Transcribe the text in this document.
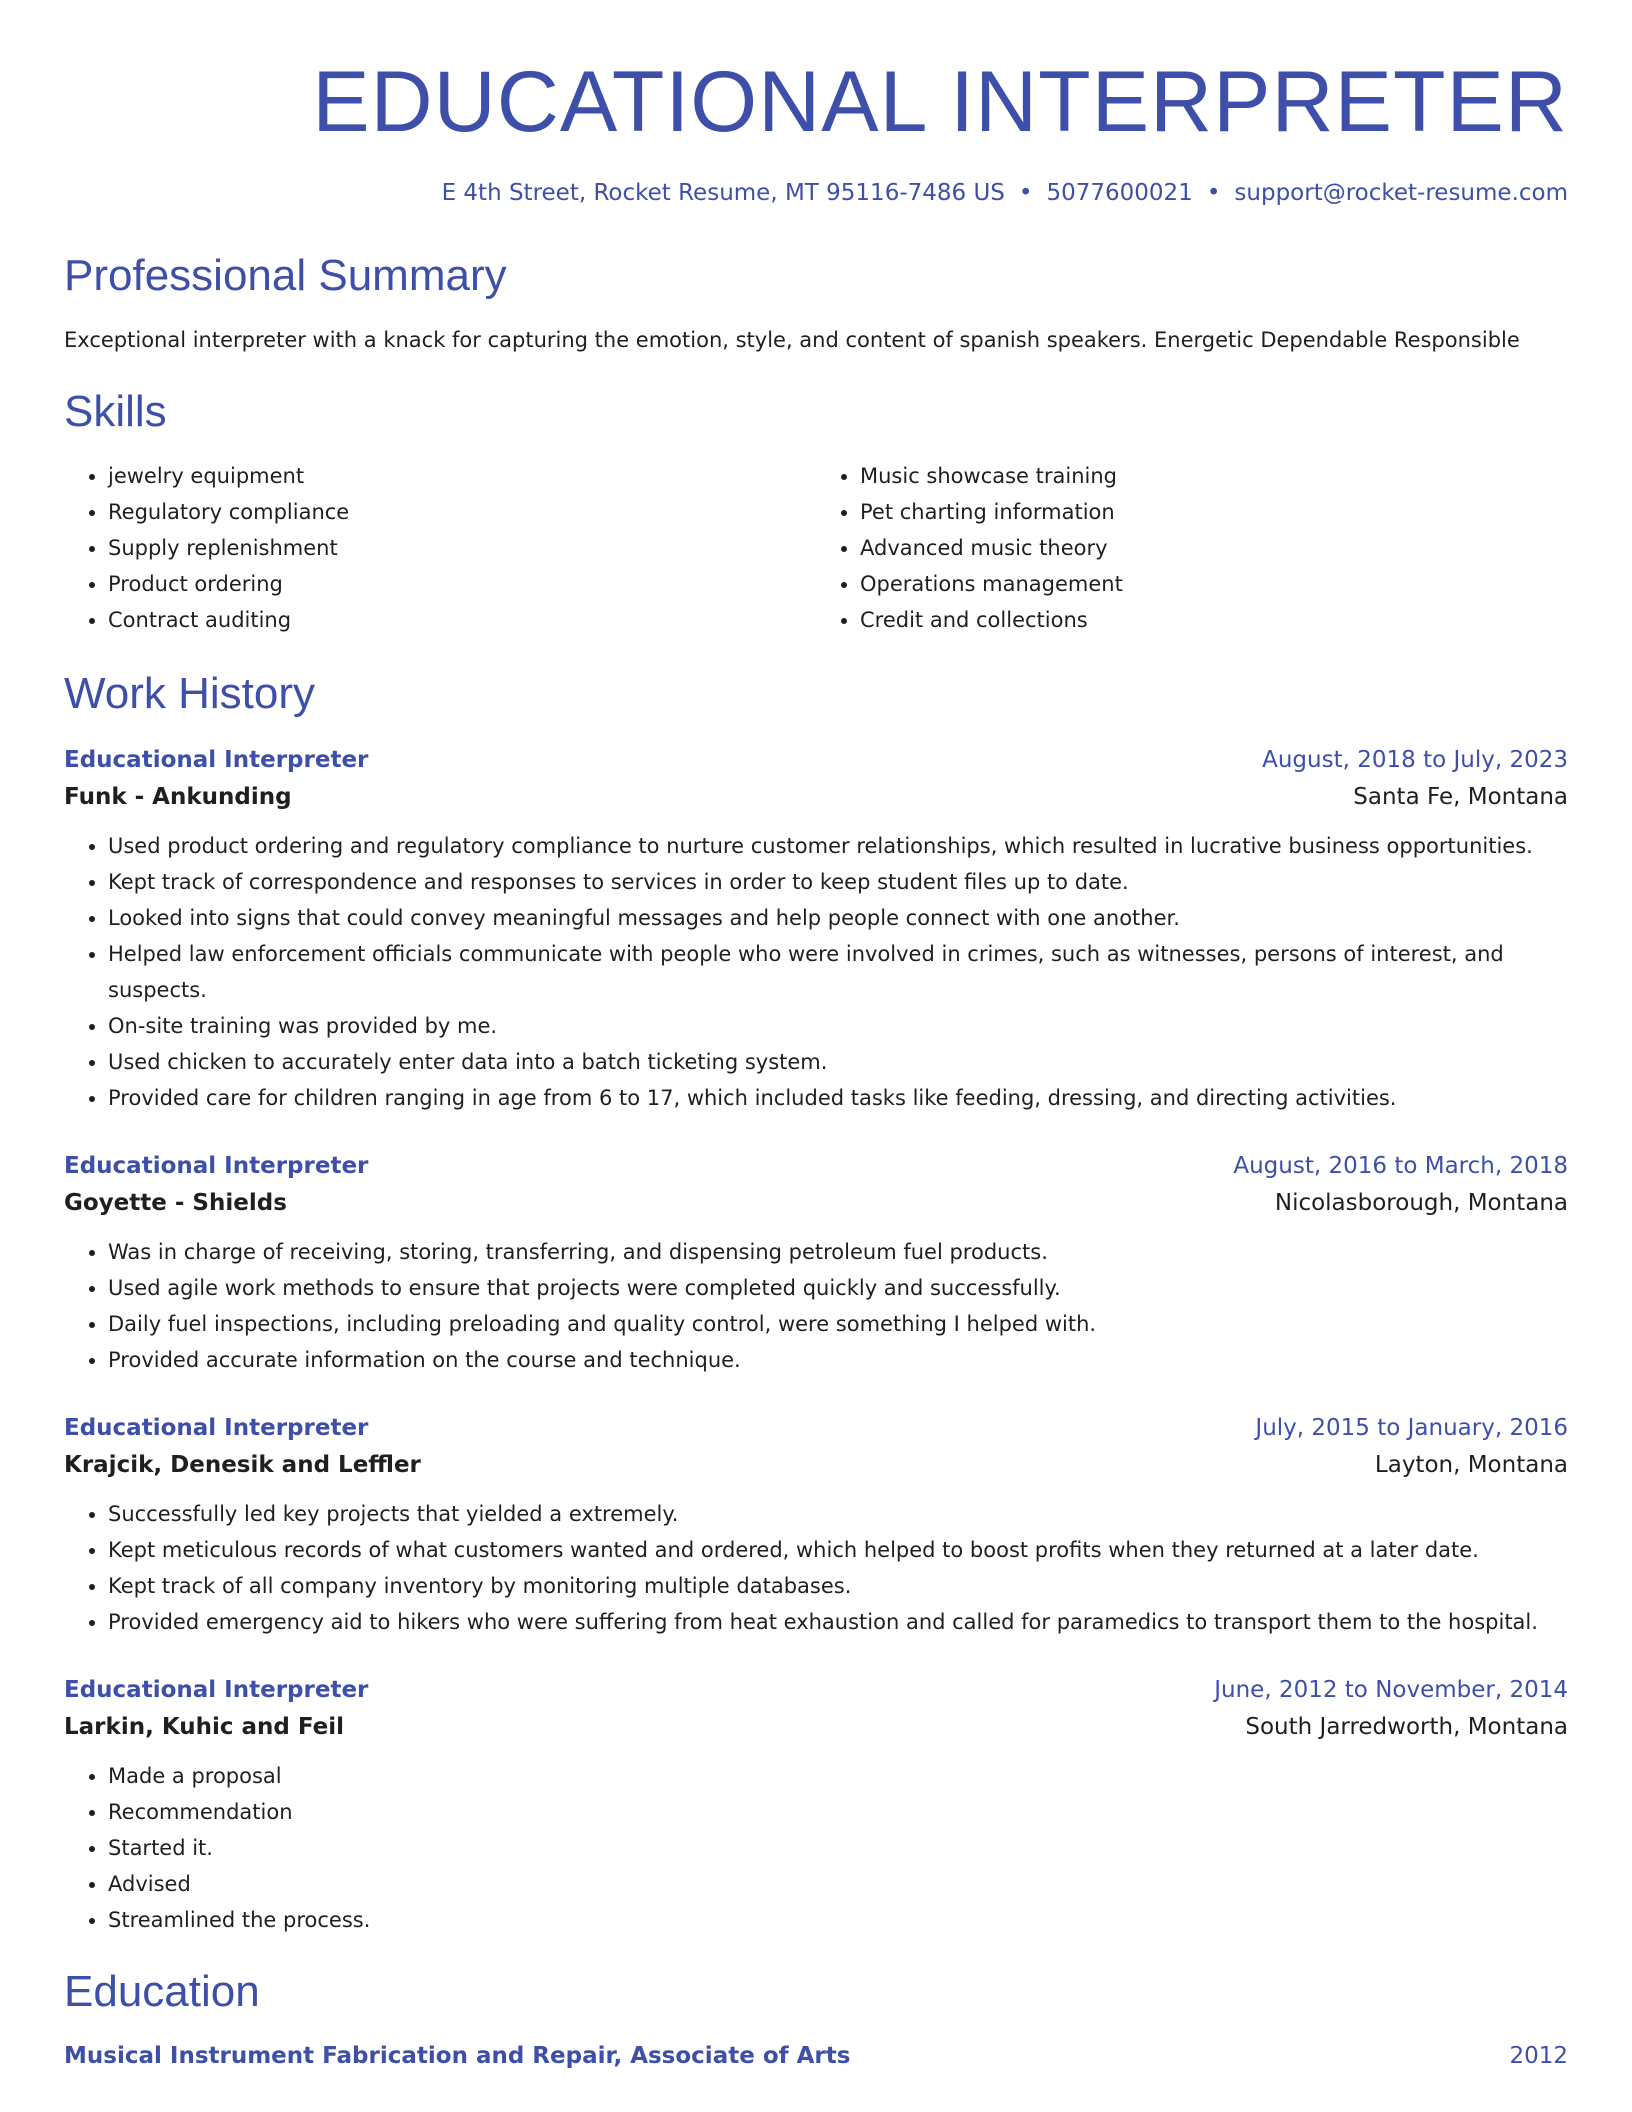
EDUCATIONAL INTERPRETER
E 4th Street, Rocket Resume, MT 95116-7486 US • 5077600021 • support@rocket-resume.com
Professional Summary
Exceptional interpreter with a knack for capturing the emotion, style, and content of spanish speakers. Energetic Dependable Responsible
Skills
• jewelry equipment
• Regulatory compliance
• Supply replenishment
• Product ordering
• Contract auditing
• Music showcase training
• Pet charting information
• Advanced music theory
• Operations management
• Credit and collections
Work History
Educational Interpreter	August, 2018 to July, 2023
Funk - Ankunding	Santa Fe, Montana
• Used product ordering and regulatory compliance to nurture customer relationships, which resulted in lucrative business opportunities.
• Kept track of correspondence and responses to services in order to keep student files up to date.
• Looked into signs that could convey meaningful messages and help people connect with one another.
• Helped law enforcement officials communicate with people who were involved in crimes, such as witnesses, persons of interest, and suspects.
• On-site training was provided by me.
• Used chicken to accurately enter data into a batch ticketing system.
• Provided care for children ranging in age from 6 to 17, which included tasks like feeding, dressing, and directing activities.
Educational Interpreter	August, 2016 to March, 2018
Goyette - Shields	Nicolasborough, Montana
• Was in charge of receiving, storing, transferring, and dispensing petroleum fuel products.
• Used agile work methods to ensure that projects were completed quickly and successfully.
• Daily fuel inspections, including preloading and quality control, were something I helped with.
• Provided accurate information on the course and technique.
Educational Interpreter	July, 2015 to January, 2016
Krajcik, Denesik and Leffler	Layton, Montana
• Successfully led key projects that yielded a extremely.
• Kept meticulous records of what customers wanted and ordered, which helped to boost profits when they returned at a later date.
• Kept track of all company inventory by monitoring multiple databases.
• Provided emergency aid to hikers who were suffering from heat exhaustion and called for paramedics to transport them to the hospital.
Educational Interpreter	June, 2012 to November, 2014
Larkin, Kuhic and Feil	South Jarredworth, Montana
• Made a proposal
• Recommendation
• Started it.
• Advised
• Streamlined the process.
Education
Musical Instrument Fabrication and Repair, Associate of Arts	2012
